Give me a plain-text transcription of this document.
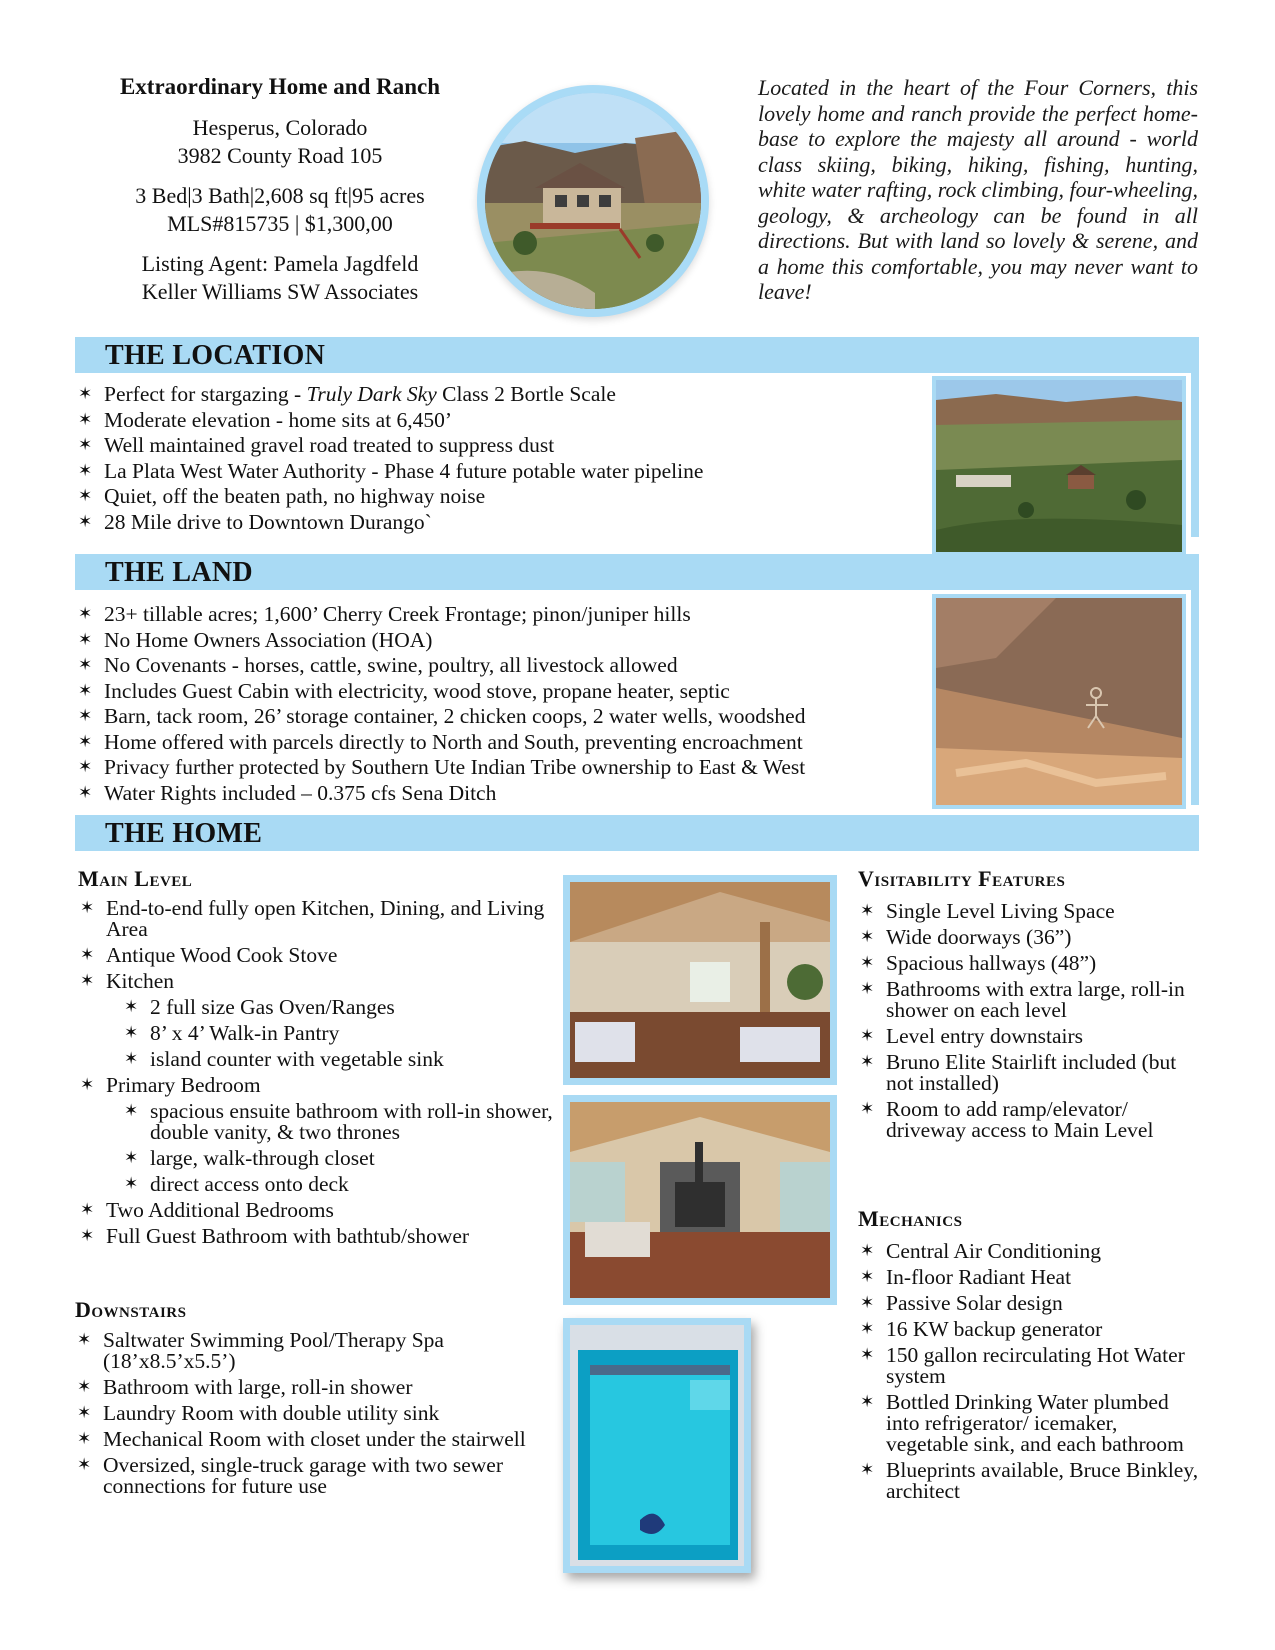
Extraordinary Home and Ranch
Hesperus, Colorado
3982 County Road 105
3 Bed|3 Bath|2,608 sq ft|95 acres
MLS#815735 | $1,300,00
Listing Agent: Pamela Jagdfeld
Keller Williams SW Associates
Located in the heart of the Four Corners, this lovely home and ranch provide the perfect home-base to explore the majesty all around - world class skiing, biking, hiking, fishing, hunting, white water rafting, rock climbing, four-wheeling, geology, & archeology can be found in all directions. But with land so lovely & serene, and a home this comfortable, you may never want to leave!
THE LOCATION
✶ Perfect for stargazing - Truly Dark Sky Class 2 Bortle Scale
✶ Moderate elevation - home sits at 6,450’
✶ Well maintained gravel road treated to suppress dust
✶ La Plata West Water Authority - Phase 4 future potable water pipeline
✶ Quiet, off the beaten path, no highway noise
✶ 28 Mile drive to Downtown Durango`
THE LAND
✶ 23+ tillable acres; 1,600’ Cherry Creek Frontage; pinon/juniper hills
✶ No Home Owners Association (HOA)
✶ No Covenants - horses, cattle, swine, poultry, all livestock allowed
✶ Includes Guest Cabin with electricity, wood stove, propane heater, septic
✶ Barn, tack room, 26’ storage container, 2 chicken coops, 2 water wells, woodshed
✶ Home offered with parcels directly to North and South, preventing encroachment
✶ Privacy further protected by Southern Ute Indian Tribe ownership to East & West
✶ Water Rights included – 0.375 cfs Sena Ditch
THE HOME
Main Level
✶ End-to-end fully open Kitchen, Dining, and Living Area
✶ Antique Wood Cook Stove
✶ Kitchen
✶ 2 full size Gas Oven/Ranges
✶ 8’ x 4’ Walk-in Pantry
✶ island counter with vegetable sink
✶ Primary Bedroom
✶ spacious ensuite bathroom with roll-in shower, double vanity, & two thrones
✶ large, walk-through closet
✶ direct access onto deck
✶ Two Additional Bedrooms
✶ Full Guest Bathroom with bathtub/shower
Downstairs
✶ Saltwater Swimming Pool/Therapy Spa (18’x8.5’x5.5’)
✶ Bathroom with large, roll-in shower
✶ Laundry Room with double utility sink
✶ Mechanical Room with closet under the stairwell
✶ Oversized, single-truck garage with two sewer connections for future use
Visitability Features
✶ Single Level Living Space
✶ Wide doorways (36”)
✶ Spacious hallways (48”)
✶ Bathrooms with extra large, roll-in shower on each level
✶ Level entry downstairs
✶ Bruno Elite Stairlift included (but not installed)
✶ Room to add ramp/elevator/ driveway access to Main Level
Mechanics
✶ Central Air Conditioning
✶ In-floor Radiant Heat
✶ Passive Solar design
✶ 16 KW backup generator
✶ 150 gallon recirculating Hot Water system
✶ Bottled Drinking Water plumbed into refrigerator/ icemaker, vegetable sink, and each bathroom
✶ Blueprints available, Bruce Binkley, architect
